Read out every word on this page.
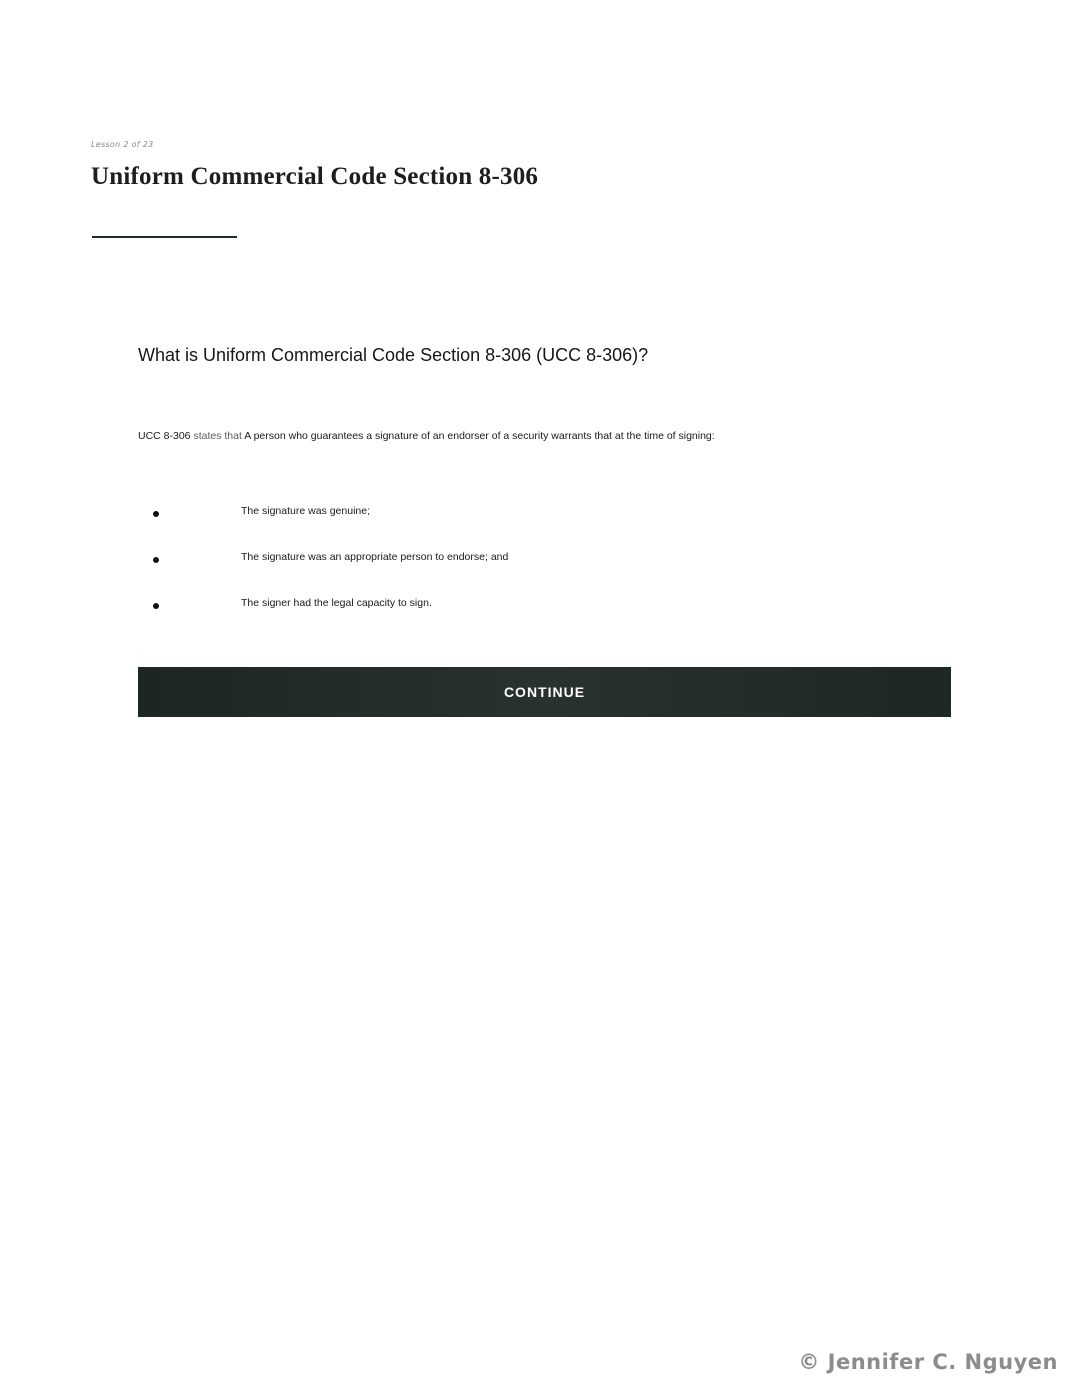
Lesson 2 of 23
Uniform Commercial Code Section 8-306
What is Uniform Commercial Code Section 8-306 (UCC 8-306)?
UCC 8-306 states that A person who guarantees a signature of an endorser of a security warrants that at the time of signing:
The signature was genuine;
The signature was an appropriate person to endorse; and
The signer had the legal capacity to sign.
CONTINUE
© Jennifer C. Nguyen
